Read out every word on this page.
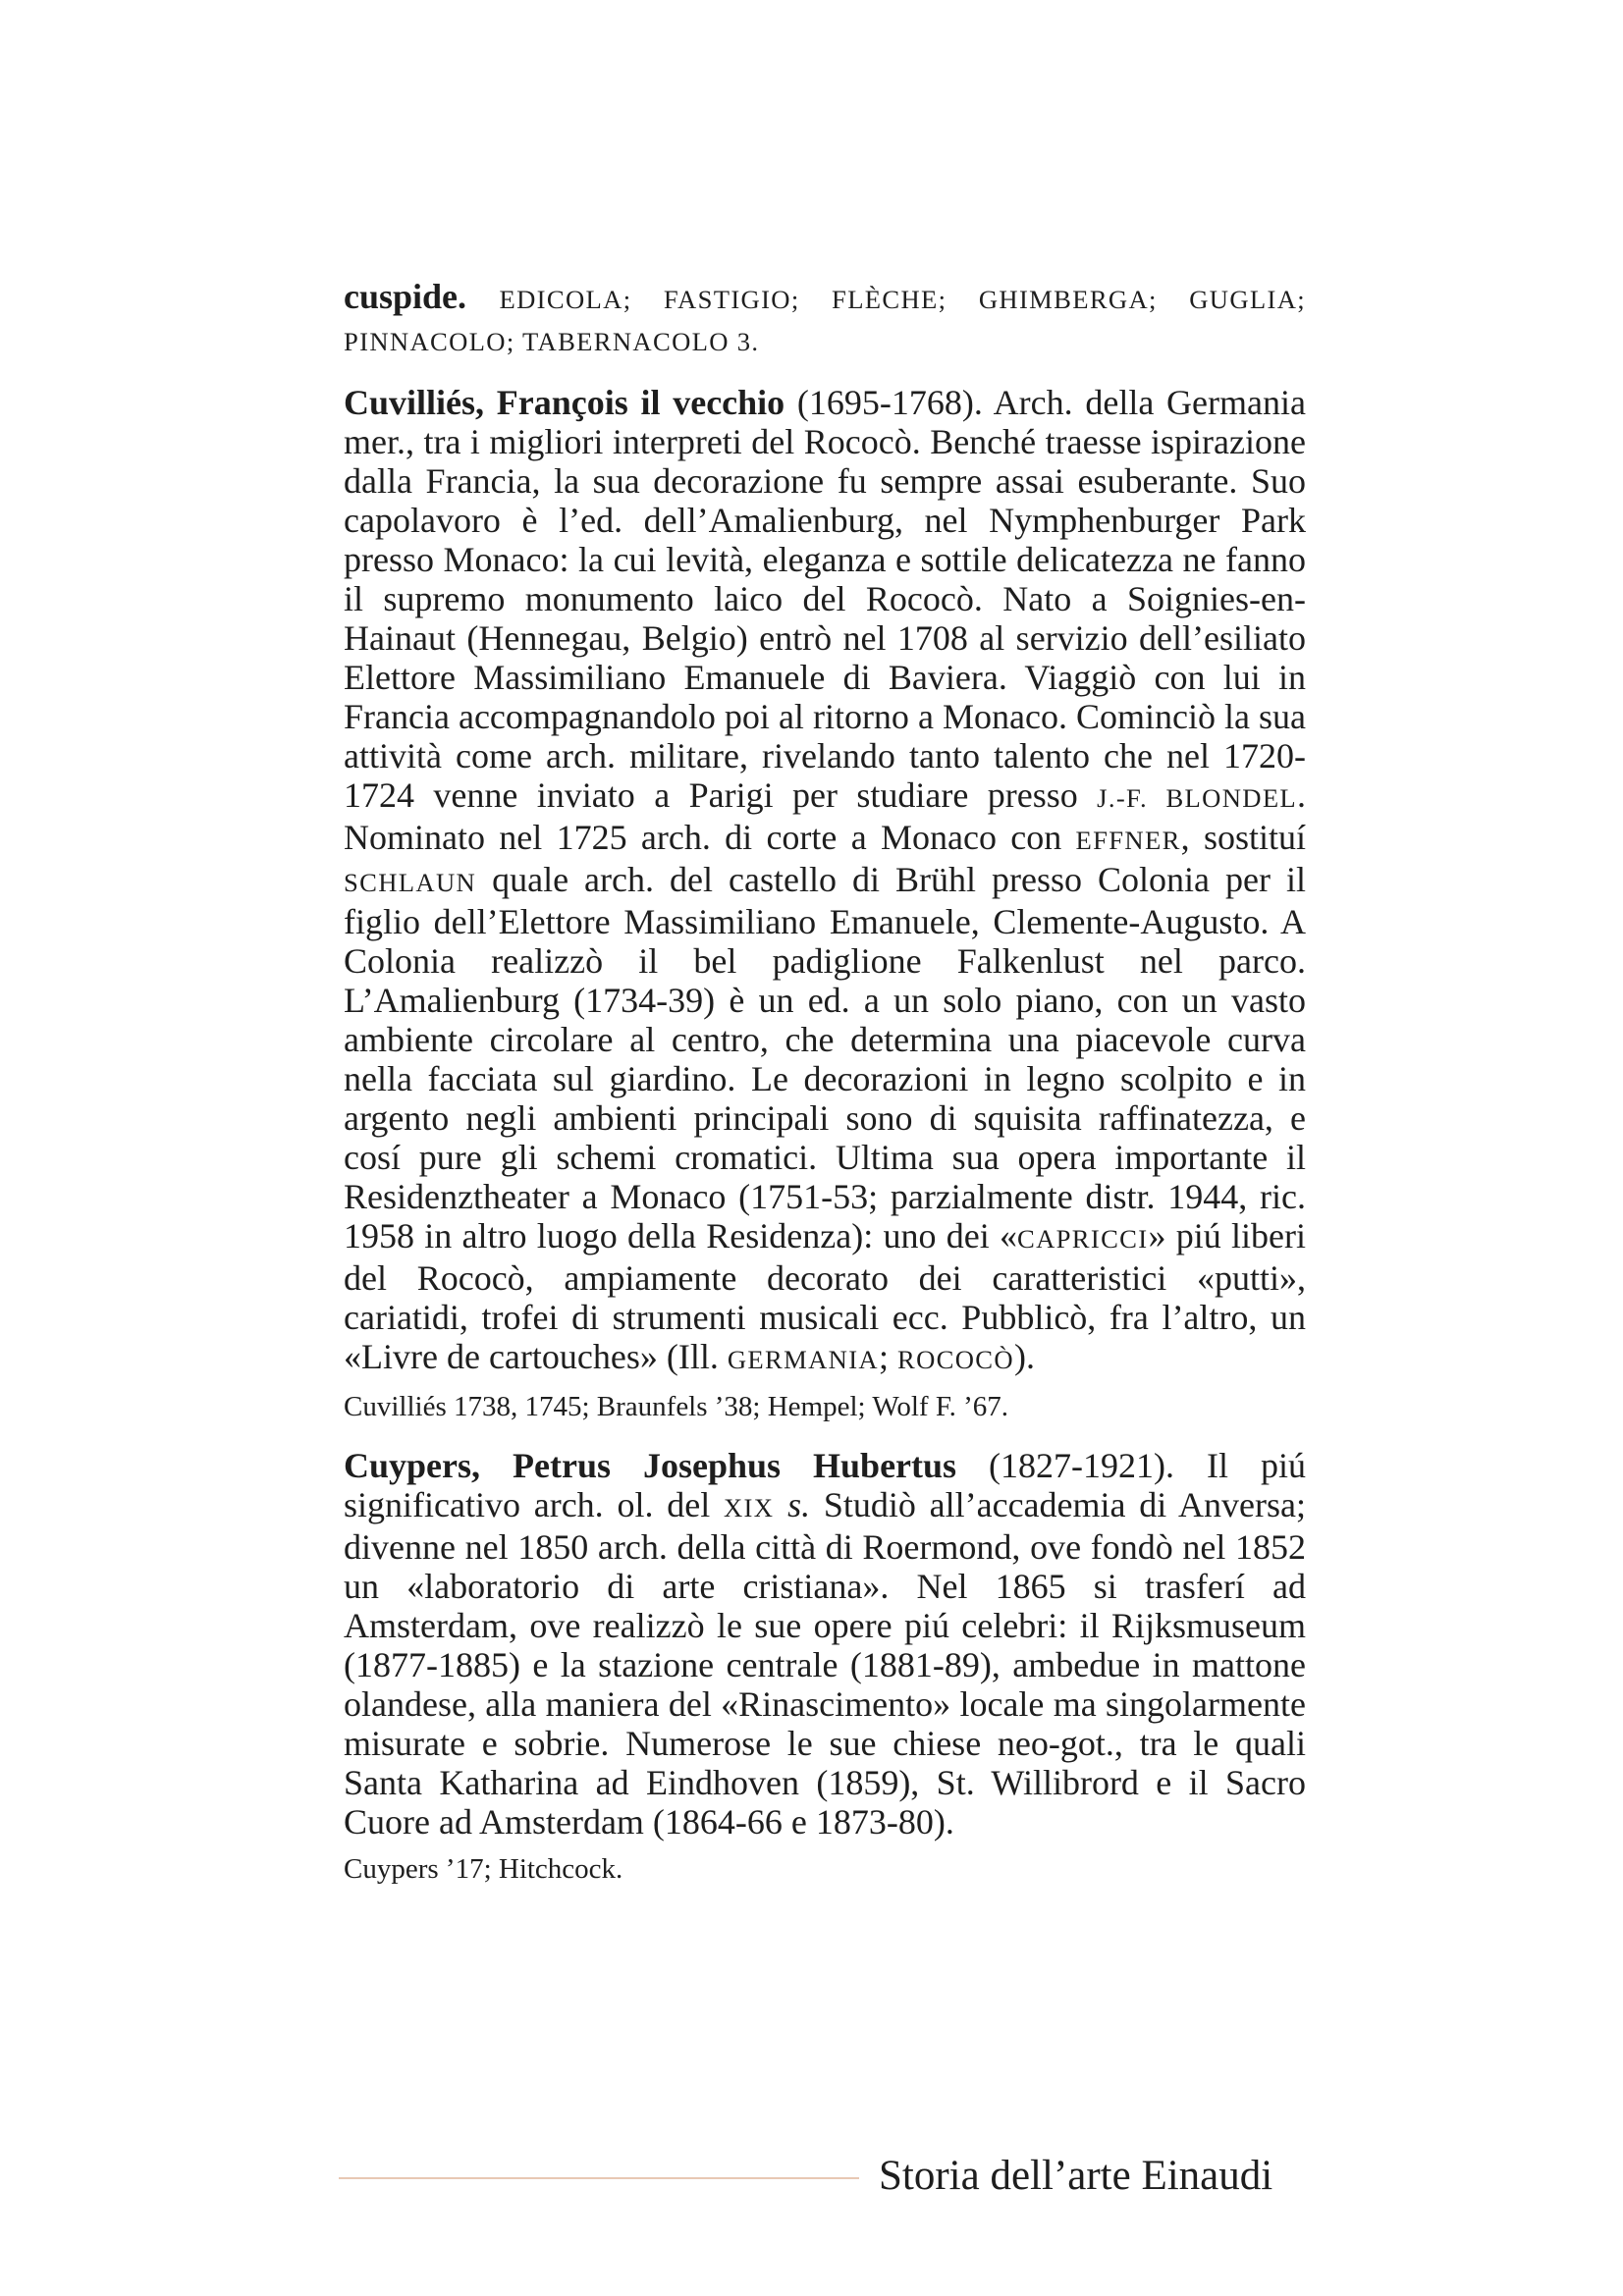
cuspide. EDICOLA; FASTIGIO; FLÈCHE; GHIMBERGA; GUGLIA; PINNACOLO; TABERNACOLO 3.

Cuvilliés, François il vecchio (1695-1768). Arch. della Germania mer., tra i migliori interpreti del Rococò. Benché traesse ispirazione dalla Francia, la sua decorazione fu sempre assai esuberante. Suo capolavoro è l’ed. dell’Amalienburg, nel Nymphenburger Park presso Monaco: la cui levità, eleganza e sottile delicatezza ne fanno il supremo monumento laico del Rococò. Nato a Soignies-en-Hainaut (Hennegau, Belgio) entrò nel 1708 al servizio dell’esiliato Elettore Massimiliano Emanuele di Baviera. Viaggiò con lui in Francia accompagnandolo poi al ritorno a Monaco. Cominciò la sua attività come arch. militare, rivelando tanto talento che nel 1720-1724 venne inviato a Parigi per studiare presso J.-F. BLONDEL. Nominato nel 1725 arch. di corte a Monaco con EFFNER, sostituí SCHLAUN quale arch. del castello di Brühl presso Colonia per il figlio dell’Elettore Massimiliano Emanuele, Clemente-Augusto. A Colonia realizzò il bel padiglione Falkenlust nel parco. L’Amalienburg (1734-39) è un ed. a un solo piano, con un vasto ambiente circolare al centro, che determina una piacevole curva nella facciata sul giardino. Le decorazioni in legno scolpito e in argento negli ambienti principali sono di squisita raffinatezza, e cosí pure gli schemi cromatici. Ultima sua opera importante il Residenztheater a Monaco (1751-53; parzialmente distr. 1944, ric. 1958 in altro luogo della Residenza): uno dei «CAPRICCI» piú liberi del Rococò, ampiamente decorato dei caratteristici «putti», cariatidi, trofei di strumenti musicali ecc. Pubblicò, fra l’altro, un «Livre de cartouches» (Ill. GERMANIA; ROCOCÒ).

Cuvilliés 1738, 1745; Braunfels ’38; Hempel; Wolf F. ’67.

Cuypers, Petrus Josephus Hubertus (1827-1921). Il piú significativo arch. ol. del XIX s. Studiò all’accademia di Anversa; divenne nel 1850 arch. della città di Roermond, ove fondò nel 1852 un «laboratorio di arte cristiana». Nel 1865 si trasferí ad Amsterdam, ove realizzò le sue opere piú celebri: il Rijksmuseum (1877-1885) e la stazione centrale (1881-89), ambedue in mattone olandese, alla maniera del «Rinascimento» locale ma singolarmente misurate e sobrie. Numerose le sue chiese neo-got., tra le quali Santa Katharina ad Eindhoven (1859), St. Willibrord e il Sacro Cuore ad Amsterdam (1864-66 e 1873-80).

Cuypers ’17; Hitchcock.

Storia dell’arte Einaudi
